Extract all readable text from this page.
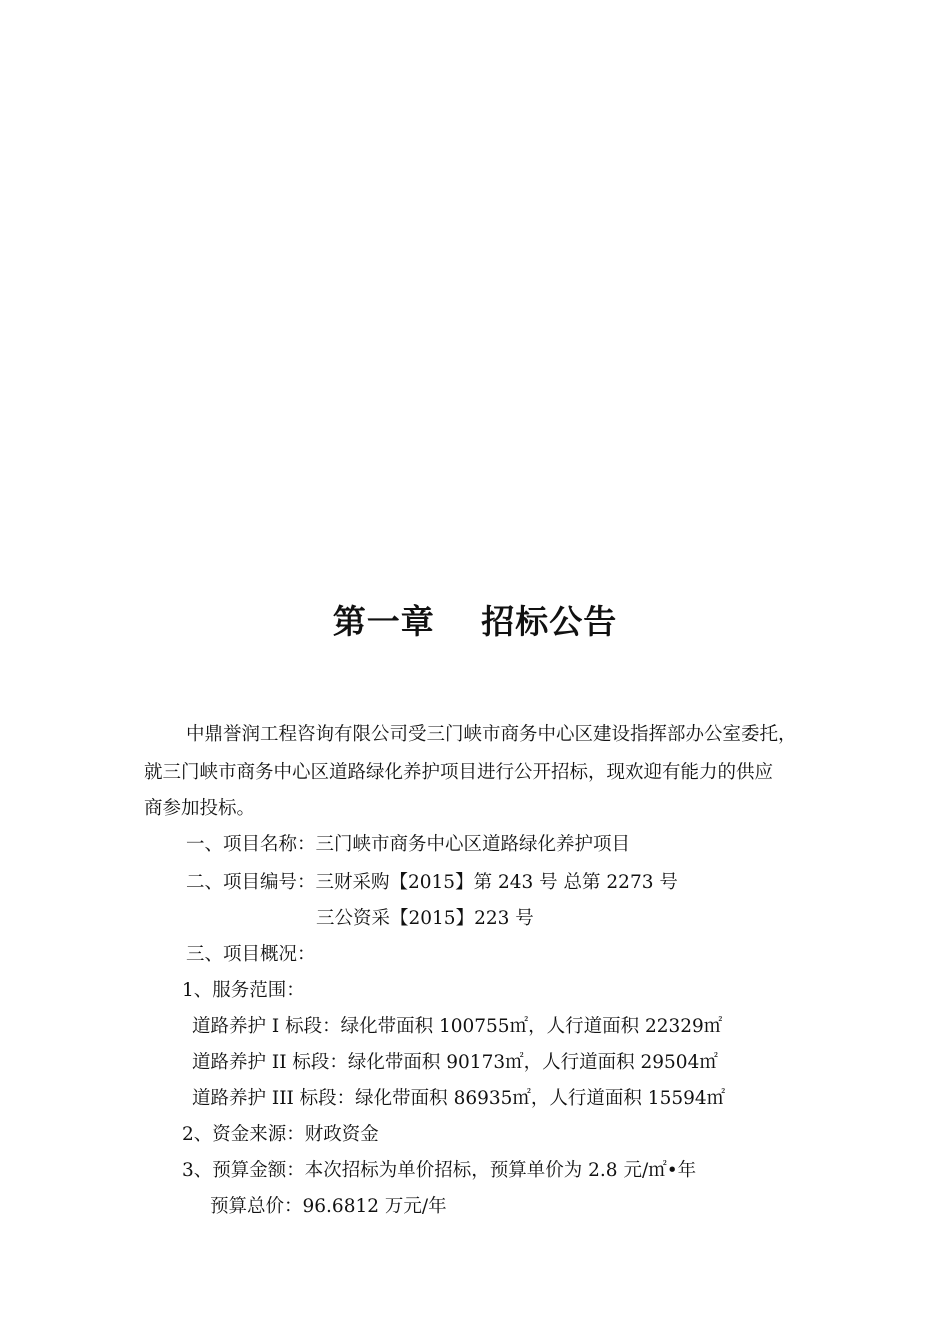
第一章　 招标公告

中鼎誉润工程咨询有限公司受三门峡市商务中心区建设指挥部办公室委托，

就三门峡市商务中心区道路绿化养护项目进行公开招标，现欢迎有能力的供应

商参加投标。

一、项目名称：三门峡市商务中心区道路绿化养护项目

二、项目编号：三财采购【2015】第 243 号 总第 2273 号

三公资采【2015】223 号

三、项目概况：

1、服务范围：

道路养护 I 标段：绿化带面积 100755㎡，人行道面积 22329㎡

道路养护 II 标段：绿化带面积 90173㎡，人行道面积 29504㎡

道路养护 III 标段：绿化带面积 86935㎡，人行道面积 15594㎡

2、资金来源：财政资金

3、预算金额：本次招标为单价招标，预算单价为 2.8 元/㎡•年

预算总价：96.6812 万元/年
